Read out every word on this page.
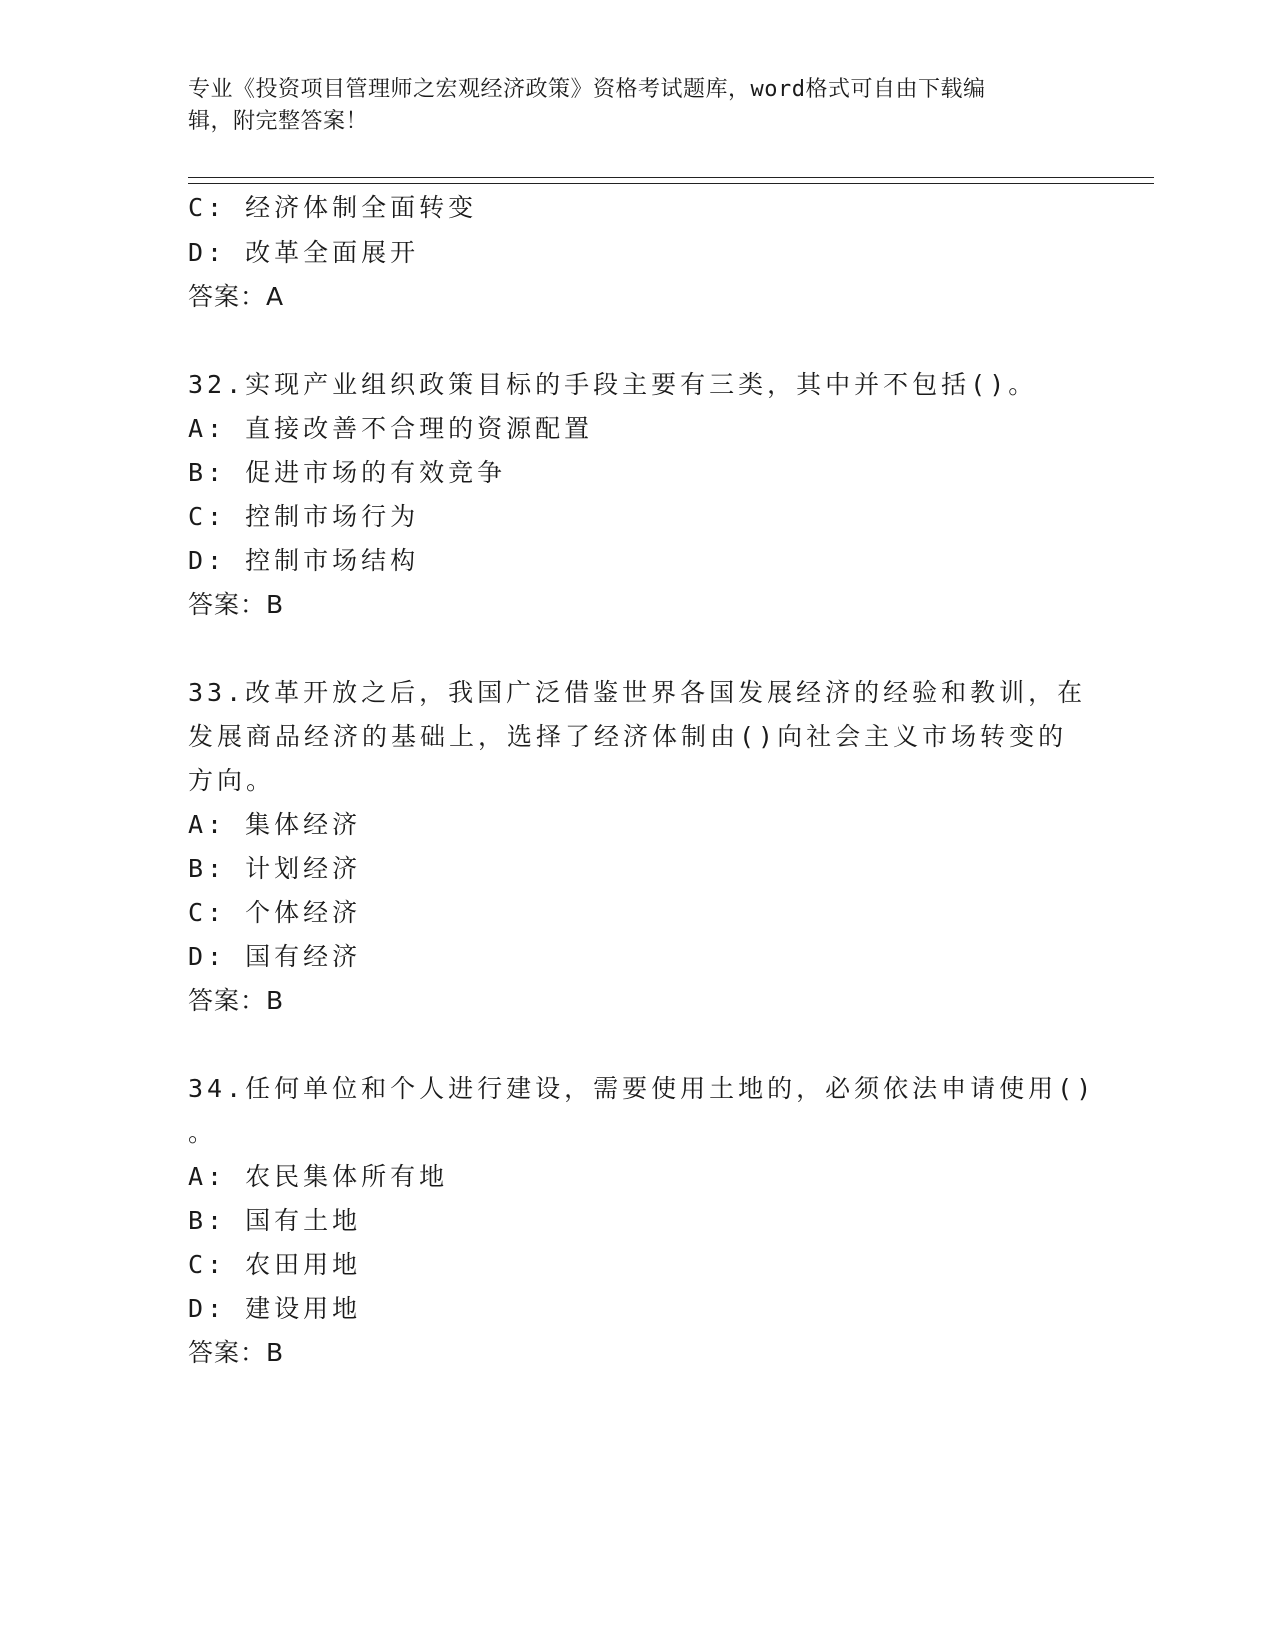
专业《投资项目管理师之宏观经济政策》资格考试题库，word格式可自由下载编
辑，附完整答案！
C: 经济体制全面转变
D: 改革全面展开
答案：A
32.实现产业组织政策目标的手段主要有三类，其中并不包括()。
A: 直接改善不合理的资源配置
B: 促进市场的有效竞争
C: 控制市场行为
D: 控制市场结构
答案：B
33.改革开放之后，我国广泛借鉴世界各国发展经济的经验和教训，在
发展商品经济的基础上，选择了经济体制由()向社会主义市场转变的
方向。
A: 集体经济
B: 计划经济
C: 个体经济
D: 国有经济
答案：B
34.任何单位和个人进行建设，需要使用土地的，必须依法申请使用()
。
A: 农民集体所有地
B: 国有土地
C: 农田用地
D: 建设用地
答案：B
